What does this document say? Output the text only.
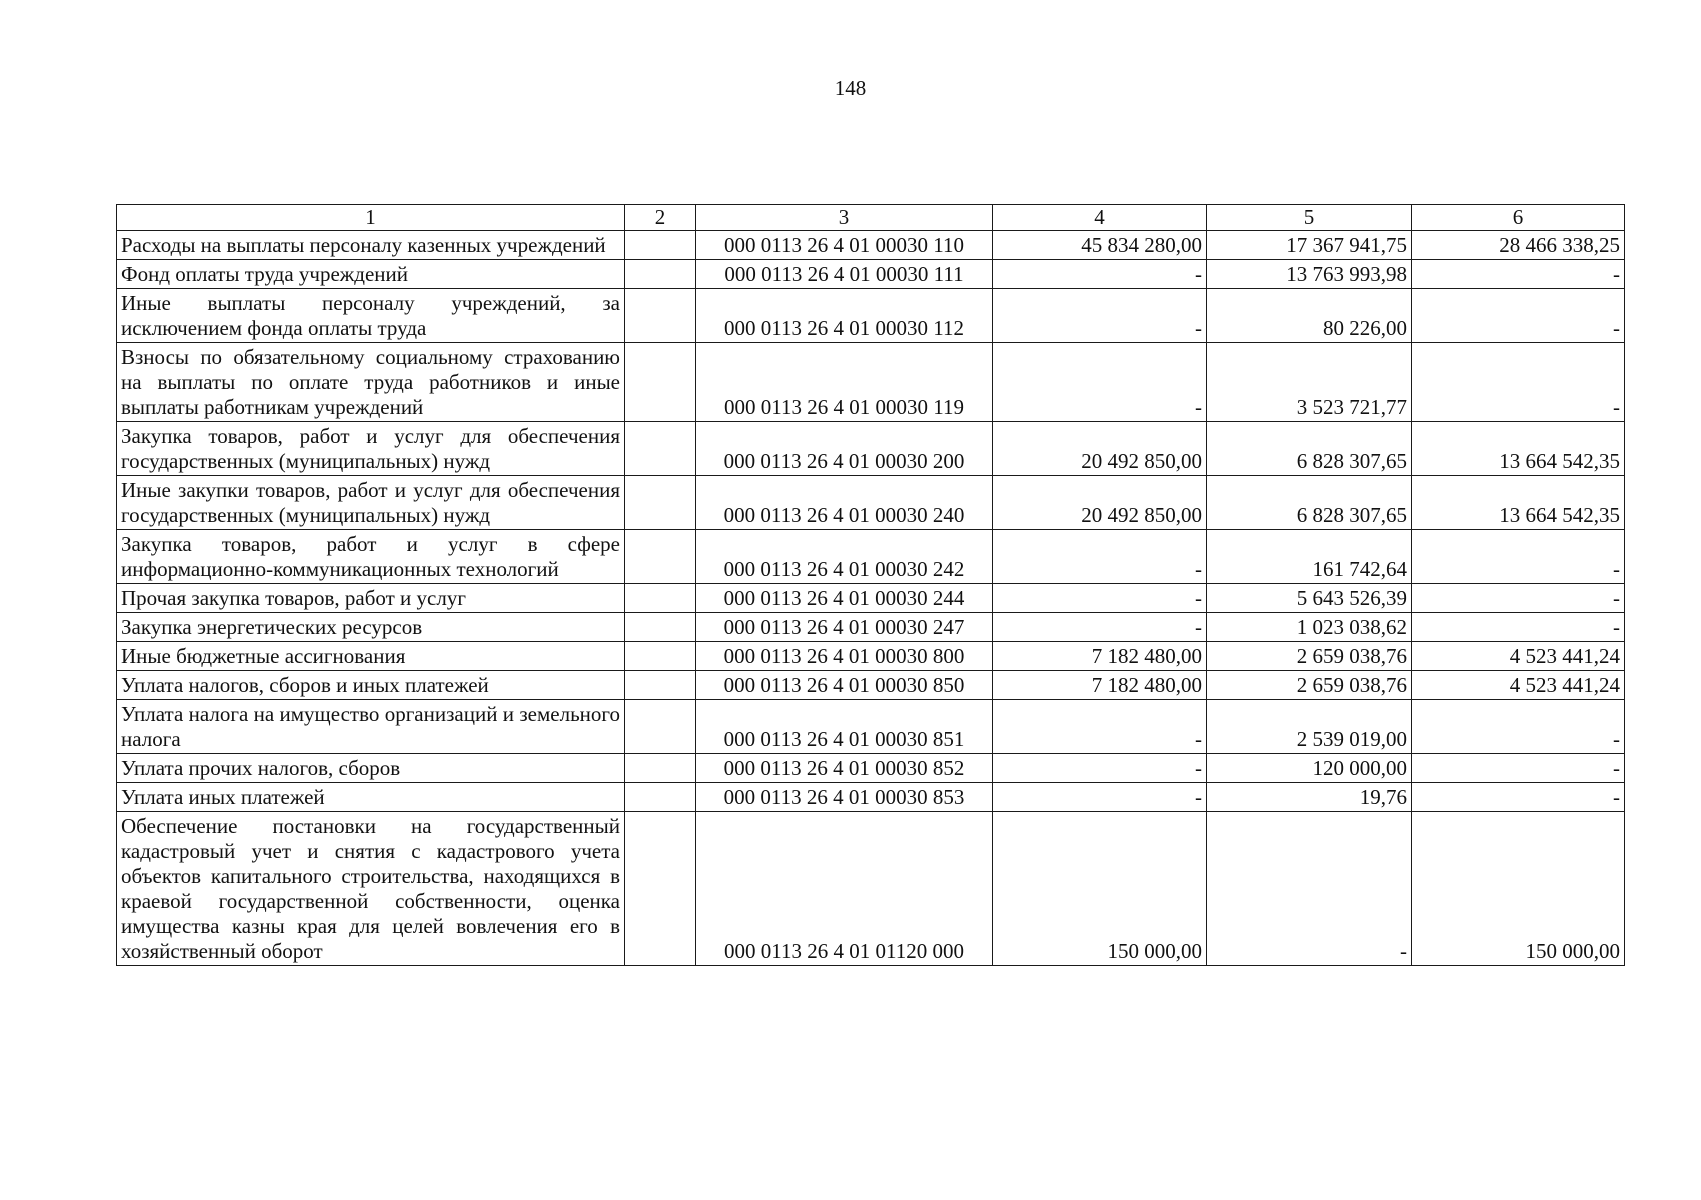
148
1	2	3	4	5	6
Расходы на выплаты персоналу казенных учреждений		000 0113 26 4 01 00030 110	45 834 280,00	17 367 941,75	28 466 338,25
Фонд оплаты труда учреждений		000 0113 26 4 01 00030 111	-	13 763 993,98	-
Иные выплаты персоналу учреждений, за исключением фонда оплаты труда		000 0113 26 4 01 00030 112	-	80 226,00	-
Взносы по обязательному социальному страхованию на выплаты по оплате труда работников и иные выплаты работникам учреждений		000 0113 26 4 01 00030 119	-	3 523 721,77	-
Закупка товаров, работ и услуг для обеспечения государственных (муниципальных) нужд		000 0113 26 4 01 00030 200	20 492 850,00	6 828 307,65	13 664 542,35
Иные закупки товаров, работ и услуг для обеспечения государственных (муниципальных) нужд		000 0113 26 4 01 00030 240	20 492 850,00	6 828 307,65	13 664 542,35
Закупка товаров, работ и услуг в сфере информационно-коммуникационных технологий		000 0113 26 4 01 00030 242	-	161 742,64	-
Прочая закупка товаров, работ и услуг		000 0113 26 4 01 00030 244	-	5 643 526,39	-
Закупка энергетических ресурсов		000 0113 26 4 01 00030 247	-	1 023 038,62	-
Иные бюджетные ассигнования		000 0113 26 4 01 00030 800	7 182 480,00	2 659 038,76	4 523 441,24
Уплата налогов, сборов и иных платежей		000 0113 26 4 01 00030 850	7 182 480,00	2 659 038,76	4 523 441,24
Уплата налога на имущество организаций и земельного налога		000 0113 26 4 01 00030 851	-	2 539 019,00	-
Уплата прочих налогов, сборов		000 0113 26 4 01 00030 852	-	120 000,00	-
Уплата иных платежей		000 0113 26 4 01 00030 853	-	19,76	-
Обеспечение постановки на государственный кадастровый учет и снятия с кадастрового учета объектов капитального строительства, находящихся в краевой государственной собственности, оценка имущества казны края для целей вовлечения его в хозяйственный оборот		000 0113 26 4 01 01120 000	150 000,00	-	150 000,00
